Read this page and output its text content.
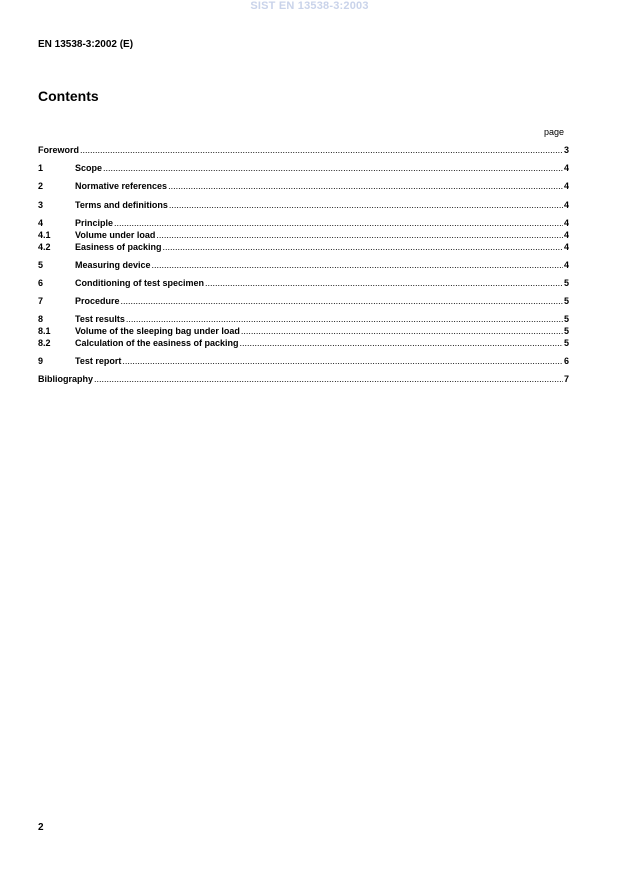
SIST EN 13538-3:2003
EN 13538-3:2002 (E)
Contents
page
Foreword .....	3
1	Scope .....	4
2	Normative references .....	4
3	Terms and definitions .....	4
4	Principle .....	4
4.1	Volume under load .....	4
4.2	Easiness of packing .....	4
5	Measuring device .....	4
6	Conditioning of test specimen .....	5
7	Procedure .....	5
8	Test results .....	5
8.1	Volume of the sleeping bag under load .....	5
8.2	Calculation of the easiness of packing .....	5
9	Test report .....	6
Bibliography .....	7
2
